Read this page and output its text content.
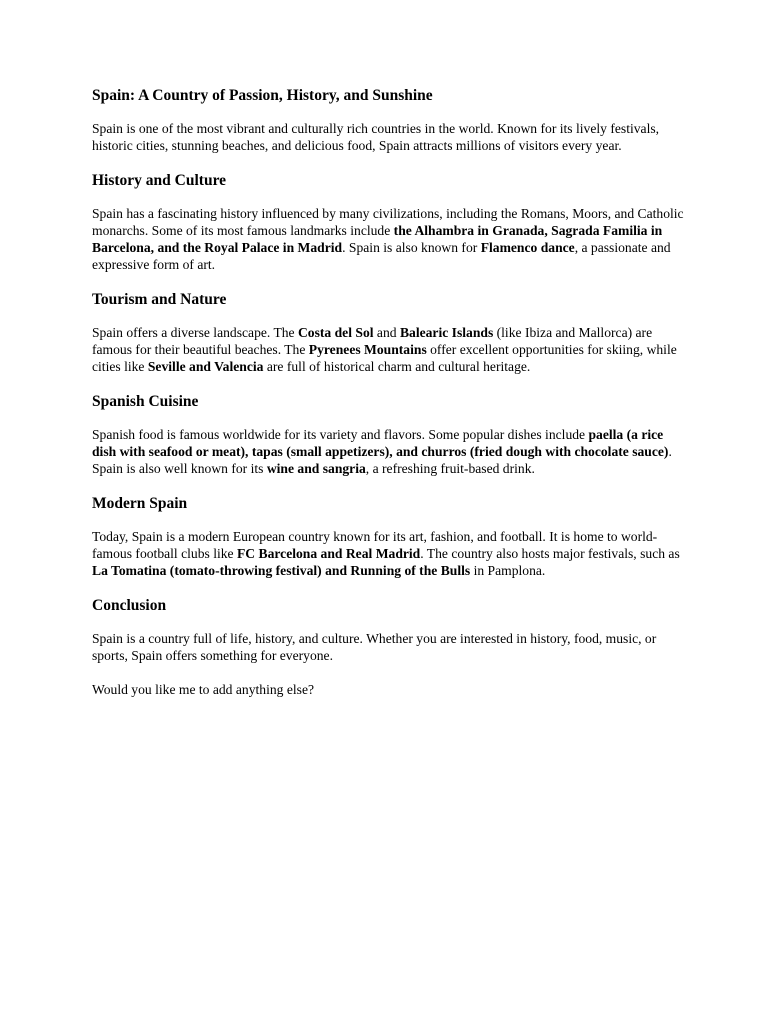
Spain: A Country of Passion, History, and Sunshine

Spain is one of the most vibrant and culturally rich countries in the world. Known for its lively festivals, historic cities, stunning beaches, and delicious food, Spain attracts millions of visitors every year.

History and Culture

Spain has a fascinating history influenced by many civilizations, including the Romans, Moors, and Catholic monarchs. Some of its most famous landmarks include the Alhambra in Granada, Sagrada Familia in Barcelona, and the Royal Palace in Madrid. Spain is also known for Flamenco dance, a passionate and expressive form of art.

Tourism and Nature

Spain offers a diverse landscape. The Costa del Sol and Balearic Islands (like Ibiza and Mallorca) are famous for their beautiful beaches. The Pyrenees Mountains offer excellent opportunities for skiing, while cities like Seville and Valencia are full of historical charm and cultural heritage.

Spanish Cuisine

Spanish food is famous worldwide for its variety and flavors. Some popular dishes include paella (a rice dish with seafood or meat), tapas (small appetizers), and churros (fried dough with chocolate sauce). Spain is also well known for its wine and sangria, a refreshing fruit-based drink.

Modern Spain

Today, Spain is a modern European country known for its art, fashion, and football. It is home to world-famous football clubs like FC Barcelona and Real Madrid. The country also hosts major festivals, such as La Tomatina (tomato-throwing festival) and Running of the Bulls in Pamplona.

Conclusion

Spain is a country full of life, history, and culture. Whether you are interested in history, food, music, or sports, Spain offers something for everyone.

Would you like me to add anything else?
